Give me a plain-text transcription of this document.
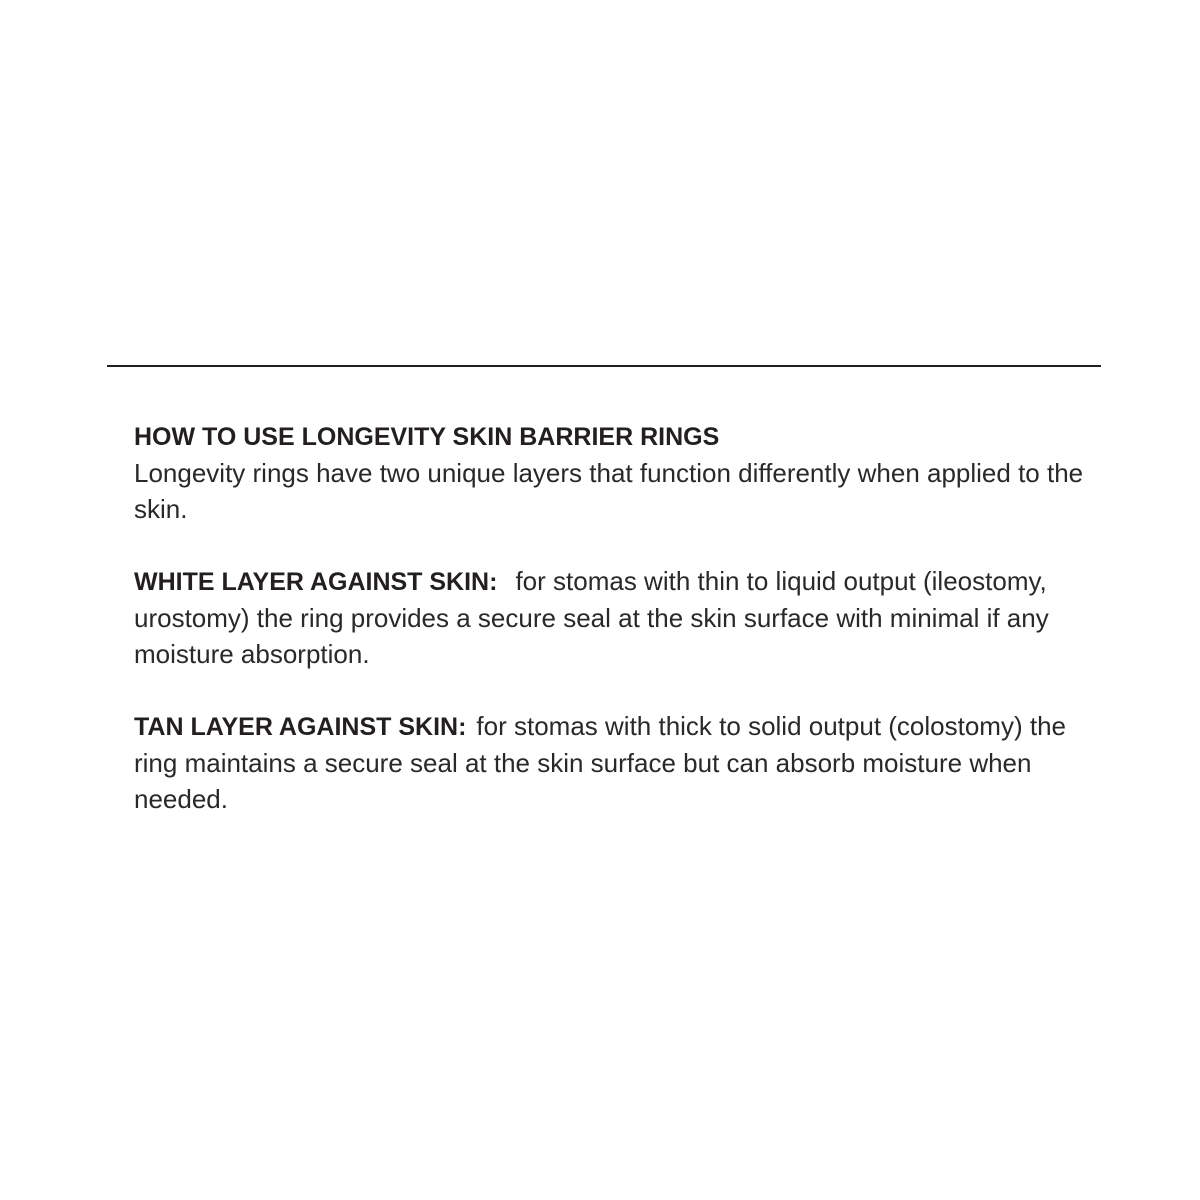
HOW TO USE LONGEVITY SKIN BARRIER RINGS
Longevity rings have two unique layers that function differently when applied to the skin.

WHITE LAYER AGAINST SKIN: for stomas with thin to liquid output (ileostomy, urostomy) the ring provides a secure seal at the skin surface with minimal if any moisture absorption.

TAN LAYER AGAINST SKIN: for stomas with thick to solid output (colostomy) the ring maintains a secure seal at the skin surface but can absorb moisture when needed.
